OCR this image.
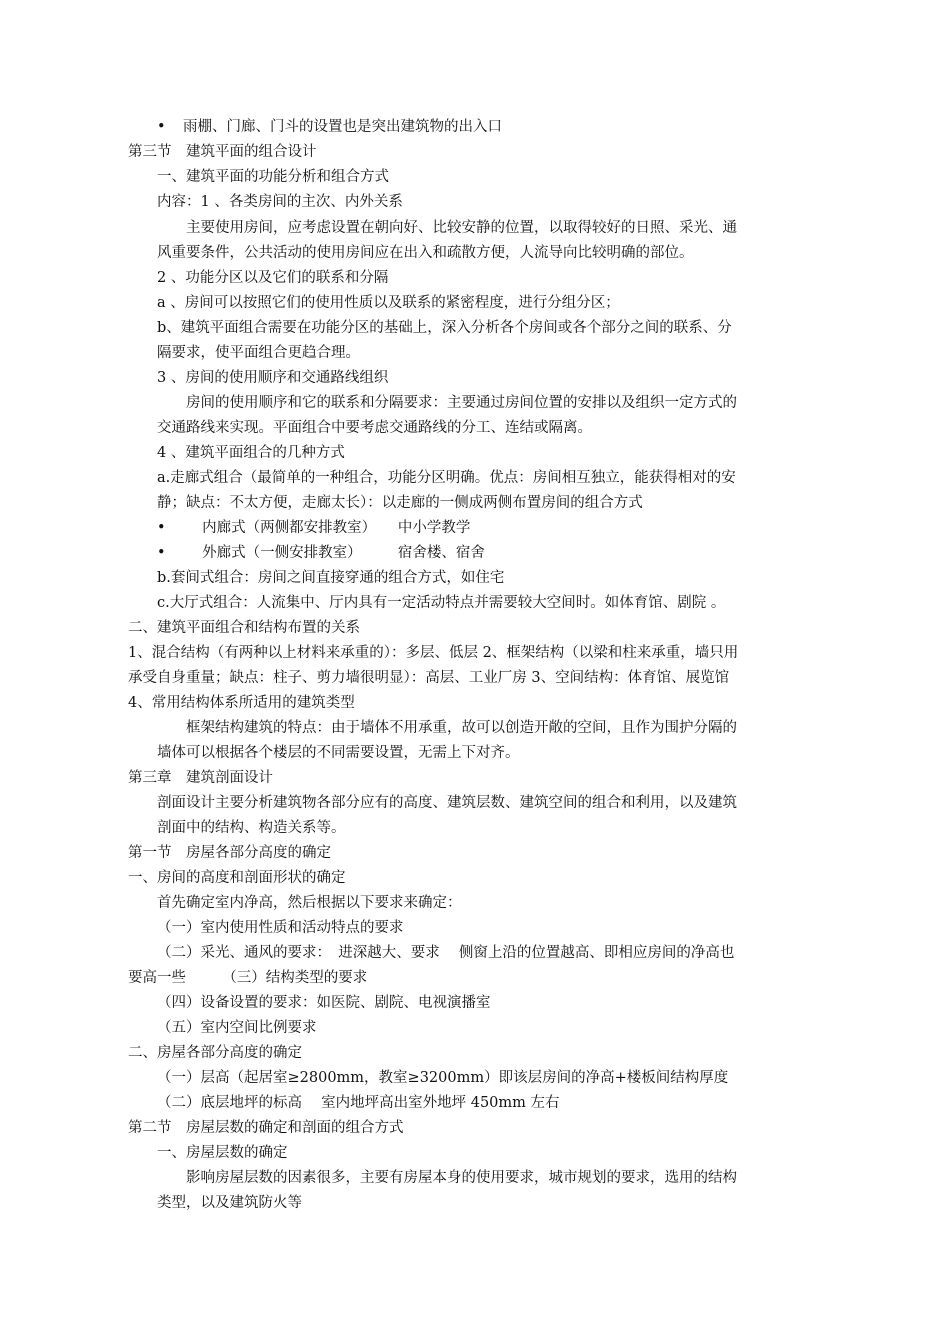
• 雨棚、门廊、门斗的设置也是突出建筑物的出入口
第三节　建筑平面的组合设计
一、建筑平面的功能分析和组合方式
内容：1 、各类房间的主次、内外关系
主要使用房间，应考虑设置在朝向好、比较安静的位置，以取得较好的日照、采光、通
风重要条件，公共活动的使用房间应在出入和疏散方便，人流导向比较明确的部位。
2 、功能分区以及它们的联系和分隔
a 、房间可以按照它们的使用性质以及联系的紧密程度，进行分组分区；
b、建筑平面组合需要在功能分区的基础上，深入分析各个房间或各个部分之间的联系、分
隔要求，使平面组合更趋合理。
3 、房间的使用顺序和交通路线组织
房间的使用顺序和它的联系和分隔要求：主要通过房间位置的安排以及组织一定方式的
交通路线来实现。平面组合中要考虑交通路线的分工、连结或隔离。
4 、建筑平面组合的几种方式
a.走廊式组合（最简单的一种组合，功能分区明确。优点：房间相互独立，能获得相对的安
静；缺点：不太方便，走廊太长）：以走廊的一侧成两侧布置房间的组合方式
•　 内廊式（两侧都安排教室）　　中小学教学
•　 外廊式（一侧安排教室）　　　宿舍楼、宿舍
b.套间式组合：房间之间直接穿通的组合方式，如住宅
c.大厅式组合：人流集中、厅内具有一定活动特点并需要较大空间时。如体育馆、剧院 。
二、建筑平面组合和结构布置的关系
1、混合结构（有两种以上材料来承重的）：多层、低层 2、框架结构（以梁和柱来承重，墙只用
承受自身重量；缺点：柱子、剪力墙很明显）：高层、工业厂房 3、空间结构：体育馆、展览馆
4、常用结构体系所适用的建筑类型
框架结构建筑的特点：由于墙体不用承重，故可以创造开敞的空间，且作为围护分隔的
墙体可以根据各个楼层的不同需要设置，无需上下对齐。
第三章　建筑剖面设计
剖面设计主要分析建筑物各部分应有的高度、建筑层数、建筑空间的组合和利用，以及建筑
剖面中的结构、构造关系等。
第一节　房屋各部分高度的确定
一、房间的高度和剖面形状的确定
首先确定室内净高，然后根据以下要求来确定：
（一）室内使用性质和活动特点的要求
（二）采光、通风的要求：　进深越大、要求　 侧窗上沿的位置越高、即相应房间的净高也
要高一些　　　（三）结构类型的要求
（四）设备设置的要求：如医院、剧院、电视演播室
（五）室内空间比例要求
二、房屋各部分高度的确定
（一）层高（起居室≥2800mm，教室≥3200mm）即该层房间的净高+楼板间结构厚度
（二）底层地坪的标高　 室内地坪高出室外地坪 450mm 左右
第二节　房屋层数的确定和剖面的组合方式
一、房屋层数的确定
影响房屋层数的因素很多，主要有房屋本身的使用要求，城市规划的要求，选用的结构
类型，以及建筑防火等
